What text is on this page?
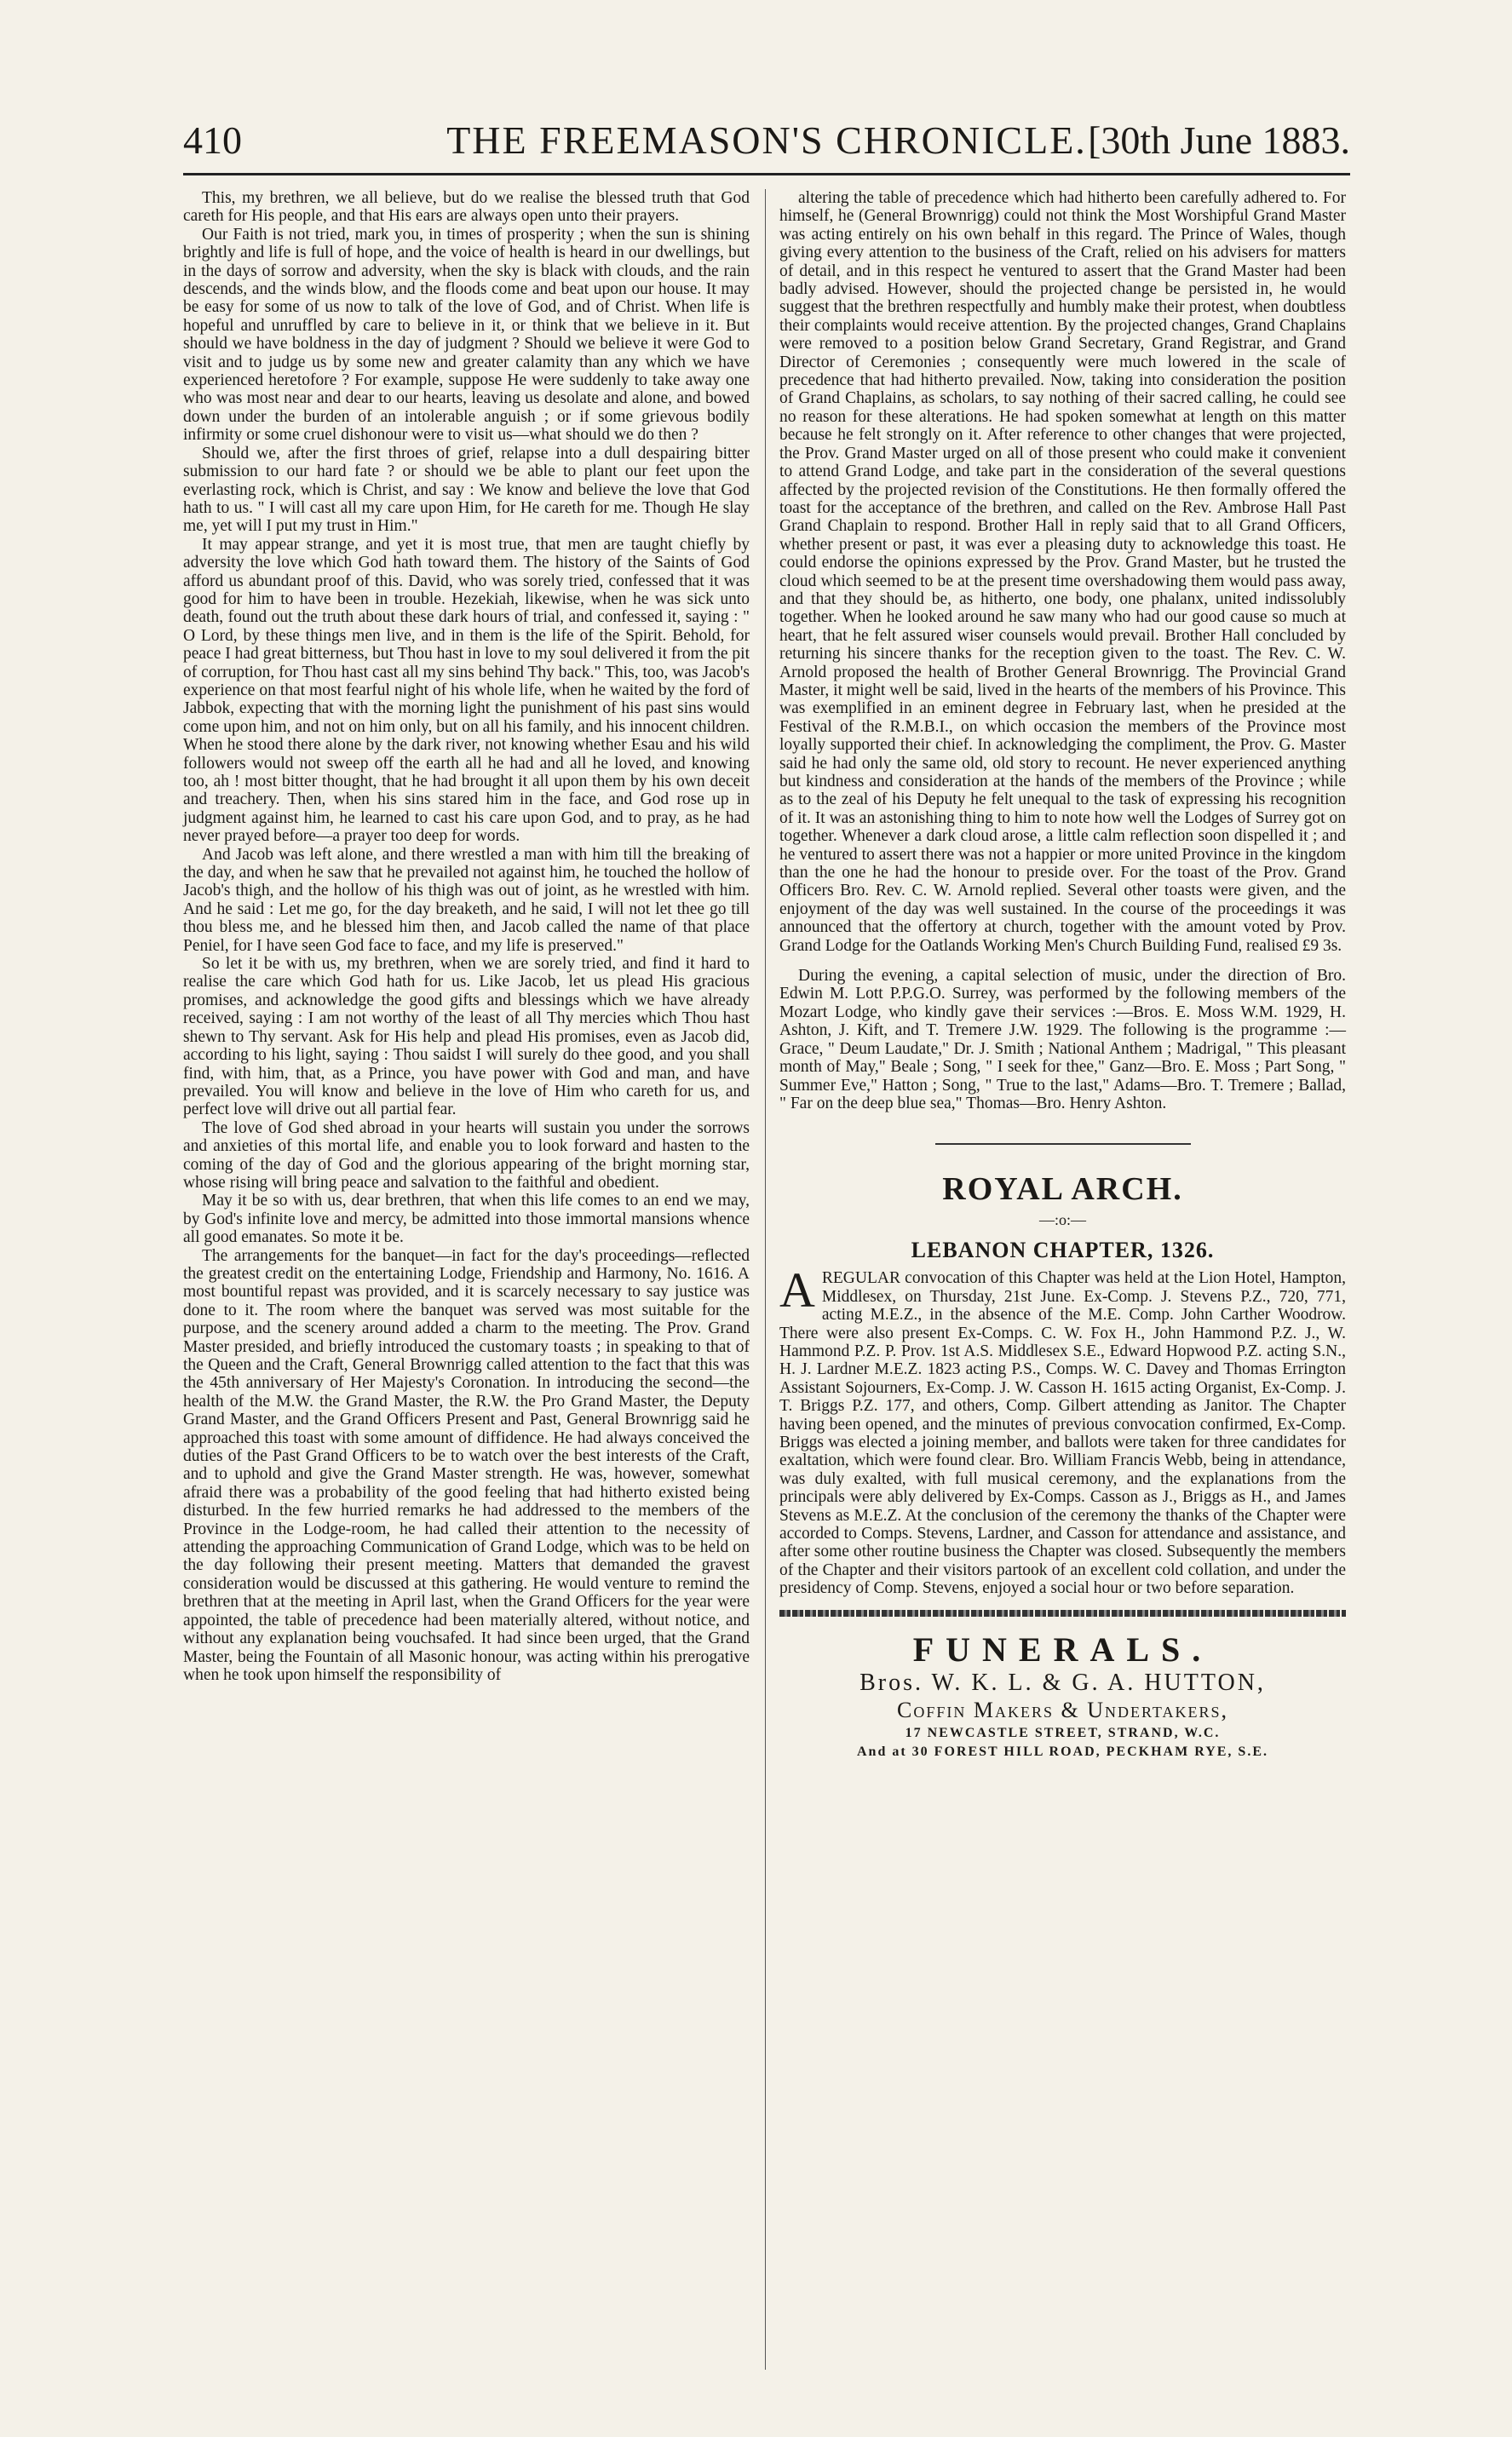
410	THE FREEMASON'S CHRONICLE. [30th June 1883.

This, my brethren, we all believe, but do we realise the blessed truth that God careth for His people, and that His ears are always open unto their prayers.

Our Faith is not tried, mark you, in times of prosperity ; when the sun is shining brightly and life is full of hope, and the voice of health is heard in our dwellings, but in the days of sorrow and adversity, when the sky is black with clouds, and the rain descends, and the winds blow, and the floods come and beat upon our house. It may be easy for some of us now to talk of the love of God, and of Christ. When life is hopeful and unruffled by care to believe in it, or think that we believe in it. But should we have boldness in the day of judgment ? Should we believe it were God to visit and to judge us by some new and greater calamity than any which we have experienced heretofore ? For example, suppose He were suddenly to take away one who was most near and dear to our hearts, leaving us desolate and alone, and bowed down under the burden of an intolerable anguish ; or if some grievous bodily infirmity or some cruel dishonour were to visit us—what should we do then ?

Should we, after the first throes of grief, relapse into a dull despairing bitter submission to our hard fate ? or should we be able to plant our feet upon the everlasting rock, which is Christ, and say : We know and believe the love that God hath to us. " I will cast all my care upon Him, for He careth for me. Though He slay me, yet will I put my trust in Him."

It may appear strange, and yet it is most true, that men are taught chiefly by adversity the love which God hath toward them. The history of the Saints of God afford us abundant proof of this. David, who was sorely tried, confessed that it was good for him to have been in trouble. Hezekiah, likewise, when he was sick unto death, found out the truth about these dark hours of trial, and confessed it, saying : " O Lord, by these things men live, and in them is the life of the Spirit. Behold, for peace I had great bitterness, but Thou hast in love to my soul delivered it from the pit of corruption, for Thou hast cast all my sins behind Thy back." This, too, was Jacob's experience on that most fearful night of his whole life, when he waited by the ford of Jabbok, expecting that with the morning light the punishment of his past sins would come upon him, and not on him only, but on all his family, and his innocent children. When he stood there alone by the dark river, not knowing whether Esau and his wild followers would not sweep off the earth all he had and all he loved, and knowing too, ah ! most bitter thought, that he had brought it all upon them by his own deceit and treachery. Then, when his sins stared him in the face, and God rose up in judgment against him, he learned to cast his care upon God, and to pray, as he had never prayed before—a prayer too deep for words.

And Jacob was left alone, and there wrestled a man with him till the breaking of the day, and when he saw that he prevailed not against him, he touched the hollow of Jacob's thigh, and the hollow of his thigh was out of joint, as he wrestled with him. And he said : Let me go, for the day breaketh, and he said, I will not let thee go till thou bless me, and he blessed him then, and Jacob called the name of that place Peniel, for I have seen God face to face, and my life is preserved."

So let it be with us, my brethren, when we are sorely tried, and find it hard to realise the care which God hath for us. Like Jacob, let us plead His gracious promises, and acknowledge the good gifts and blessings which we have already received, saying : I am not worthy of the least of all Thy mercies which Thou hast shewn to Thy servant. Ask for His help and plead His promises, even as Jacob did, according to his light, saying : Thou saidst I will surely do thee good, and you shall find, with him, that, as a Prince, you have power with God and man, and have prevailed. You will know and believe in the love of Him who careth for us, and perfect love will drive out all partial fear.

The love of God shed abroad in your hearts will sustain you under the sorrows and anxieties of this mortal life, and enable you to look forward and hasten to the coming of the day of God and the glorious appearing of the bright morning star, whose rising will bring peace and salvation to the faithful and obedient.

May it be so with us, dear brethren, that when this life comes to an end we may, by God's infinite love and mercy, be admitted into those immortal mansions whence all good emanates. So mote it be.

The arrangements for the banquet—in fact for the day's proceedings—reflected the greatest credit on the entertaining Lodge, Friendship and Harmony, No. 1616. A most bountiful repast was provided, and it is scarcely necessary to say justice was done to it. The room where the banquet was served was most suitable for the purpose, and the scenery around added a charm to the meeting. The Prov. Grand Master presided, and briefly introduced the customary toasts ; in speaking to that of the Queen and the Craft, General Brownrigg called attention to the fact that this was the 45th anniversary of Her Majesty's Coronation. In introducing the second—the health of the M.W. the Grand Master, the R.W. the Pro Grand Master, the Deputy Grand Master, and the Grand Officers Present and Past, General Brownrigg said he approached this toast with some amount of diffidence. He had always conceived the duties of the Past Grand Officers to be to watch over the best interests of the Craft, and to uphold and give the Grand Master strength. He was, however, somewhat afraid there was a probability of the good feeling that had hitherto existed being disturbed. In the few hurried remarks he had addressed to the members of the Province in the Lodge-room, he had called their attention to the necessity of attending the approaching Communication of Grand Lodge, which was to be held on the day following their present meeting. Matters that demanded the gravest consideration would be discussed at this gathering. He would venture to remind the brethren that at the meeting in April last, when the Grand Officers for the year were appointed, the table of precedence had been materially altered, without notice, and without any explanation being vouchsafed. It had since been urged, that the Grand Master, being the Fountain of all Masonic honour, was acting within his prerogative when he took upon himself the responsibility of

altering the table of precedence which had hitherto been carefully adhered to. For himself, he (General Brownrigg) could not think the Most Worshipful Grand Master was acting entirely on his own behalf in this regard. The Prince of Wales, though giving every attention to the business of the Craft, relied on his advisers for matters of detail, and in this respect he ventured to assert that the Grand Master had been badly advised. However, should the projected change be persisted in, he would suggest that the brethren respectfully and humbly make their protest, when doubtless their complaints would receive attention. By the projected changes, Grand Chaplains were removed to a position below Grand Secretary, Grand Registrar, and Grand Director of Ceremonies ; consequently were much lowered in the scale of precedence that had hitherto prevailed. Now, taking into consideration the position of Grand Chaplains, as scholars, to say nothing of their sacred calling, he could see no reason for these alterations. He had spoken somewhat at length on this matter because he felt strongly on it. After reference to other changes that were projected, the Prov. Grand Master urged on all of those present who could make it convenient to attend Grand Lodge, and take part in the consideration of the several questions affected by the projected revision of the Constitutions. He then formally offered the toast for the acceptance of the brethren, and called on the Rev. Ambrose Hall Past Grand Chaplain to respond. Brother Hall in reply said that to all Grand Officers, whether present or past, it was ever a pleasing duty to acknowledge this toast. He could endorse the opinions expressed by the Prov. Grand Master, but he trusted the cloud which seemed to be at the present time overshadowing them would pass away, and that they should be, as hitherto, one body, one phalanx, united indissolubly together. When he looked around he saw many who had our good cause so much at heart, that he felt assured wiser counsels would prevail. Brother Hall concluded by returning his sincere thanks for the reception given to the toast. The Rev. C. W. Arnold proposed the health of Brother General Brownrigg. The Provincial Grand Master, it might well be said, lived in the hearts of the members of his Province. This was exemplified in an eminent degree in February last, when he presided at the Festival of the R.M.B.I., on which occasion the members of the Province most loyally supported their chief. In acknowledging the compliment, the Prov. G. Master said he had only the same old, old story to recount. He never experienced anything but kindness and consideration at the hands of the members of the Province ; while as to the zeal of his Deputy he felt unequal to the task of expressing his recognition of it. It was an astonishing thing to him to note how well the Lodges of Surrey got on together. Whenever a dark cloud arose, a little calm reflection soon dispelled it ; and he ventured to assert there was not a happier or more united Province in the kingdom than the one he had the honour to preside over. For the toast of the Prov. Grand Officers Bro. Rev. C. W. Arnold replied. Several other toasts were given, and the enjoyment of the day was well sustained. In the course of the proceedings it was announced that the offertory at church, together with the amount voted by Prov. Grand Lodge for the Oatlands Working Men's Church Building Fund, realised £9 3s.

During the evening, a capital selection of music, under the direction of Bro. Edwin M. Lott P.P.G.O. Surrey, was performed by the following members of the Mozart Lodge, who kindly gave their services :—Bros. E. Moss W.M. 1929, H. Ashton, J. Kift, and T. Tremere J.W. 1929. The following is the programme :—Grace, " Deum Laudate," Dr. J. Smith ; National Anthem ; Madrigal, " This pleasant month of May," Beale ; Song, " I seek for thee," Ganz—Bro. E. Moss ; Part Song, " Summer Eve," Hatton ; Song, " True to the last," Adams—Bro. T. Tremere ; Ballad, " Far on the deep blue sea," Thomas—Bro. Henry Ashton.

ROYAL ARCH.
—:o:—
LEBANON CHAPTER, 1326.

A REGULAR convocation of this Chapter was held at the Lion Hotel, Hampton, Middlesex, on Thursday, 21st June. Ex-Comp. J. Stevens P.Z., 720, 771, acting M.E.Z., in the absence of the M.E. Comp. John Carther Woodrow. There were also present Ex-Comps. C. W. Fox H., John Hammond P.Z. J., W. Hammond P.Z. P. Prov. 1st A.S. Middlesex S.E., Edward Hopwood P.Z. acting S.N., H. J. Lardner M.E.Z. 1823 acting P.S., Comps. W. C. Davey and Thomas Errington Assistant Sojourners, Ex-Comp. J. W. Casson H. 1615 acting Organist, Ex-Comp. J. T. Briggs P.Z. 177, and others, Comp. Gilbert attending as Janitor. The Chapter having been opened, and the minutes of previous convocation confirmed, Ex-Comp. Briggs was elected a joining member, and ballots were taken for three candidates for exaltation, which were found clear. Bro. William Francis Webb, being in attendance, was duly exalted, with full musical ceremony, and the explanations from the principals were ably delivered by Ex-Comps. Casson as J., Briggs as H., and James Stevens as M.E.Z. At the conclusion of the ceremony the thanks of the Chapter were accorded to Comps. Stevens, Lardner, and Casson for attendance and assistance, and after some other routine business the Chapter was closed. Subsequently the members of the Chapter and their visitors partook of an excellent cold collation, and under the presidency of Comp. Stevens, enjoyed a social hour or two before separation.

FUNERALS.
Bros. W. K. L. & G. A. HUTTON,
Coffin Makers & Undertakers,
17 NEWCASTLE STREET, STRAND, W.C.
And at 30 FOREST HILL ROAD, PECKHAM RYE, S.E.
